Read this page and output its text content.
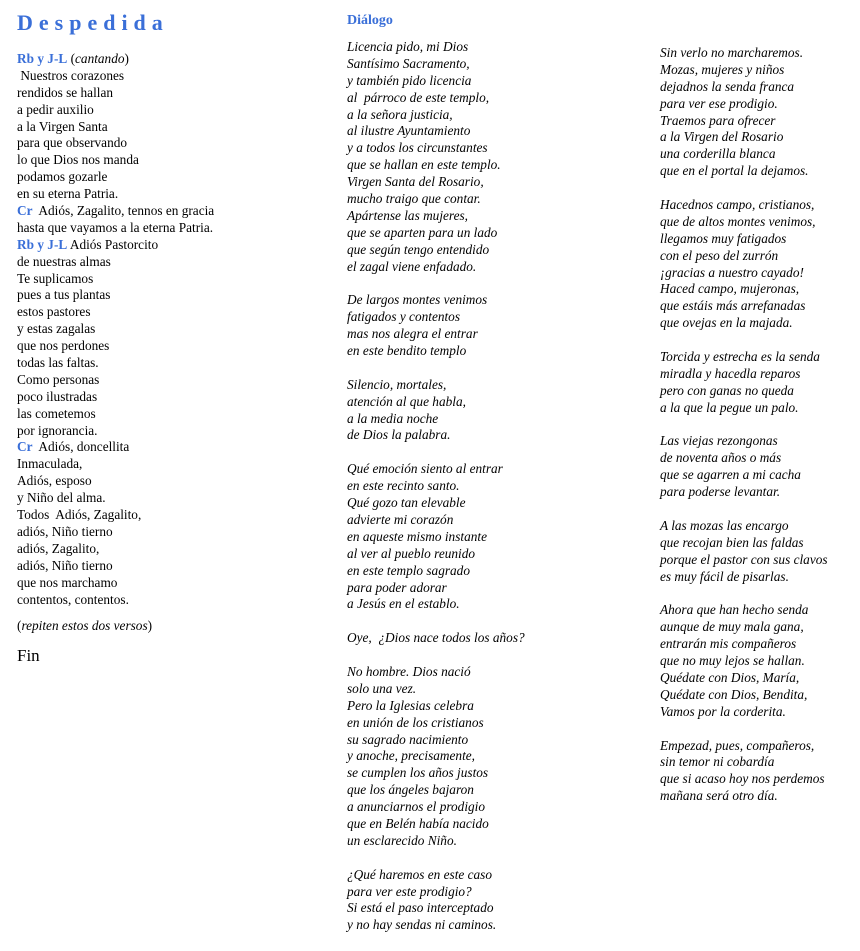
Despedida
Rb y J-L (cantando)
Nuestros corazones
rendidos se hallan
a pedir auxilio
a la Virgen Santa
para que observando
lo que Dios nos manda
podamos gozarle
en su eterna Patria.
Cr  Adiós, Zagalito, tennos en gracia
hasta que vayamos a la eterna Patria.
Rb y J-L Adiós Pastorcito
de nuestras almas
Te suplicamos
pues a tus plantas
estos pastores
y estas zagalas
que nos perdones
todas las faltas.
Como personas
poco ilustradas
las cometemos
por ignorancia.
Cr  Adiós, doncellita
Inmaculada,
Adiós, esposo
y Niño del alma.
Todos  Adiós, Zagalito,
adiós, Niño tierno
adiós, Zagalito,
adiós, Niño tierno
que nos marchamo
contentos, contentos.
(repiten estos dos versos)
Fin
Diálogo
Licencia pido, mi Dios
Santísimo Sacramento,
y también pido licencia
al  párroco de este templo,
a la señora justicia,
al ilustre Ayuntamiento
y a todos los circunstantes
que se hallan en este templo.
Virgen Santa del Rosario,
mucho traigo que contar.
Apártense las mujeres,
que se aparten para un lado
que según tengo entendido
el zagal viene enfadado.
De largos montes venimos
fatigados y contentos
mas nos alegra el entrar
en este bendito templo
Silencio, mortales,
atención al que habla,
a la media noche
de Dios la palabra.
Qué emoción siento al entrar
en este recinto santo.
Qué gozo tan elevable
advierte mi corazón
en aqueste mismo instante
al ver al pueblo reunido
en este templo sagrado
para poder adorar
a Jesús en el establo.
Oye,  ¿Dios nace todos los años?
No hombre. Dios nació
solo una vez.
Pero la Iglesias celebra
en unión de los cristianos
su sagrado nacimiento
y anoche, precisamente,
se cumplen los años justos
que los ángeles bajaron
a anunciarnos el prodigio
que en Belén había nacido
un esclarecido Niño.
¿Qué haremos en este caso
para ver este prodigio?
Si está el paso interceptado
y no hay sendas ni caminos.
Sin verlo no marcharemos.
Mozas, mujeres y niños
dejadnos la senda franca
para ver ese prodigio.
Traemos para ofrecer
a la Virgen del Rosario
una corderilla blanca
que en el portal la dejamos.
Hacednos campo, cristianos,
que de altos montes venimos,
llegamos muy fatigados
con el peso del zurrón
¡gracias a nuestro cayado!
Haced campo, mujeronas,
que estáis más arrefanadas
que ovejas en la majada.
Torcida y estrecha es la senda
miradla y hacedla reparos
pero con ganas no queda
a la que la pegue un palo.
Las viejas rezongonas
de noventa años o más
que se agarren a mi cacha
para poderse levantar.
A las mozas las encargo
que recojan bien las faldas
porque el pastor con sus clavos
es muy fácil de pisarlas.
Ahora que han hecho senda
aunque de muy mala gana,
entrarán mis compañeros
que no muy lejos se hallan.
Quédate con Dios, María,
Quédate con Dios, Bendita,
Vamos por la corderita.
Empezad, pues, compañeros,
sin temor ni cobardía
que si acaso hoy nos perdemos
mañana será otro día.
